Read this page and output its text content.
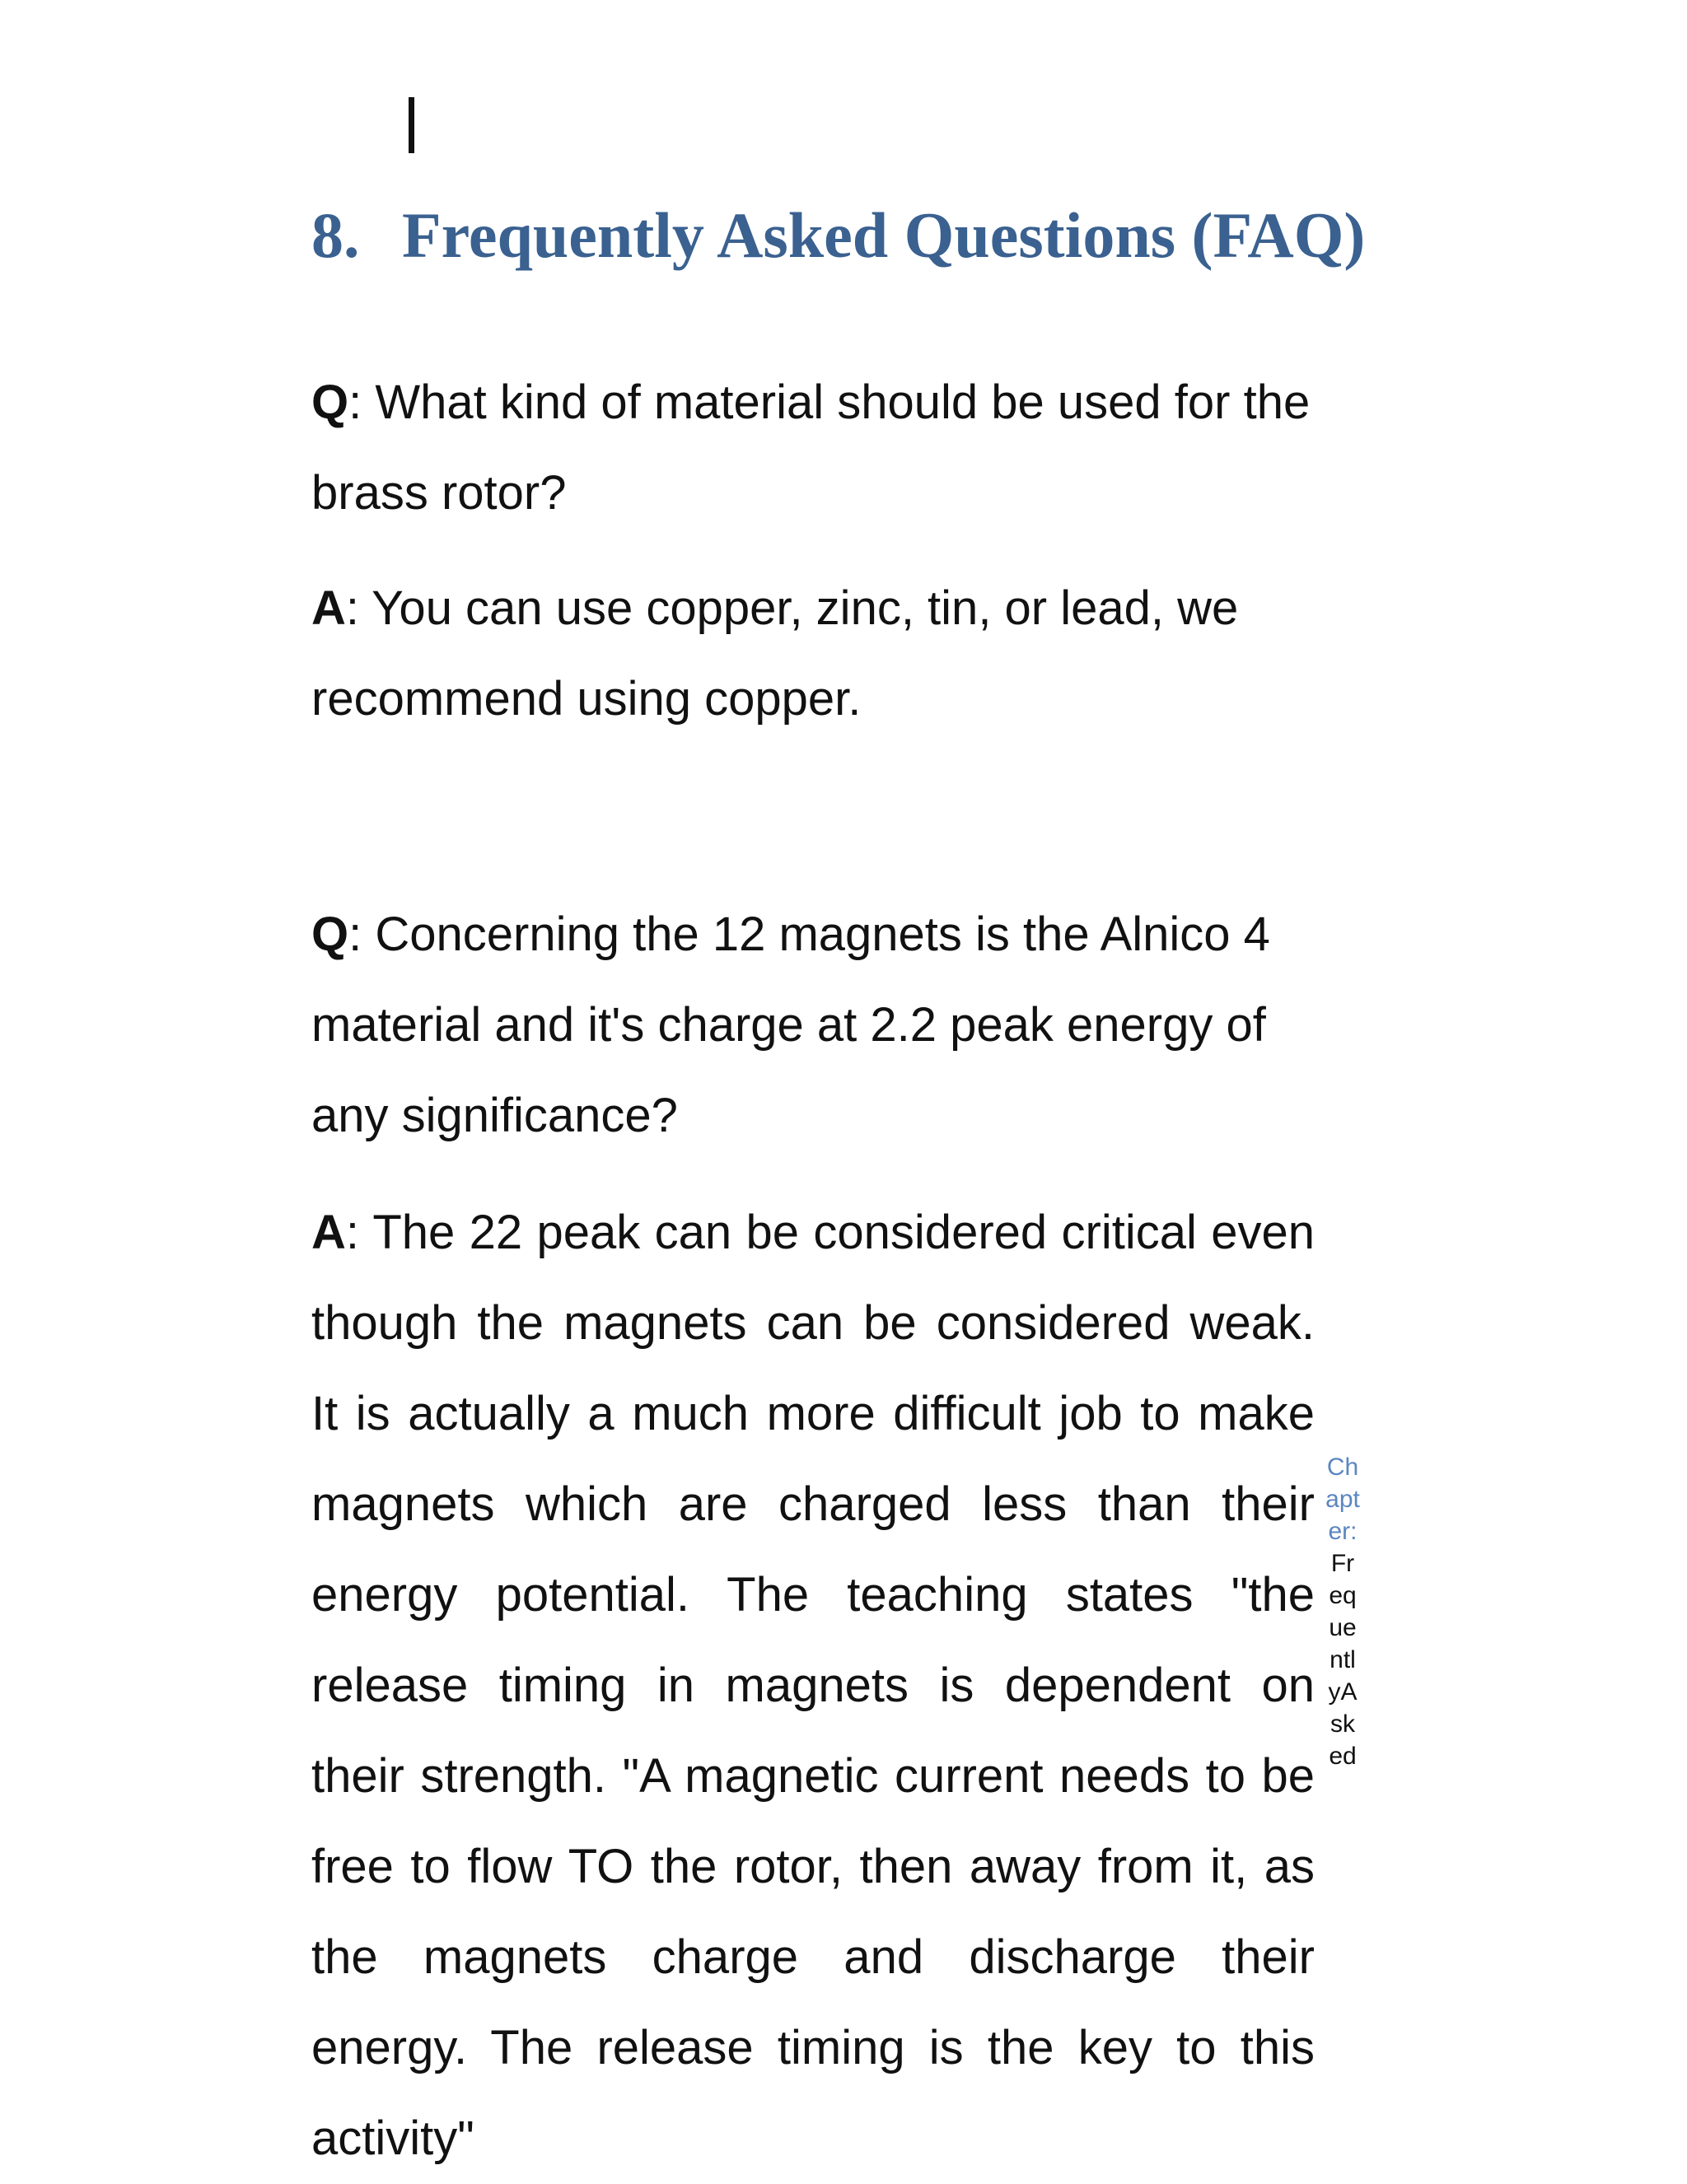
8. Frequently Asked Questions (FAQ)

Q: What kind of material should be used for the brass rotor?

A: You can use copper, zinc, tin, or lead, we recommend using copper.

Q: Concerning the 12 magnets is the Alnico 4 material and it's charge at 2.2 peak energy of any significance?

A: The 22 peak can be considered critical even though the magnets can be considered weak. It is actually a much more difficult job to make magnets which are charged less than their energy potential. The teaching states "the release timing in magnets is dependent on their strength. "A magnetic current needs to be free to flow TO the rotor, then away from it, as the magnets charge and discharge their energy. The release timing is the key to this activity"

Chapter:FrequentlyAsked
